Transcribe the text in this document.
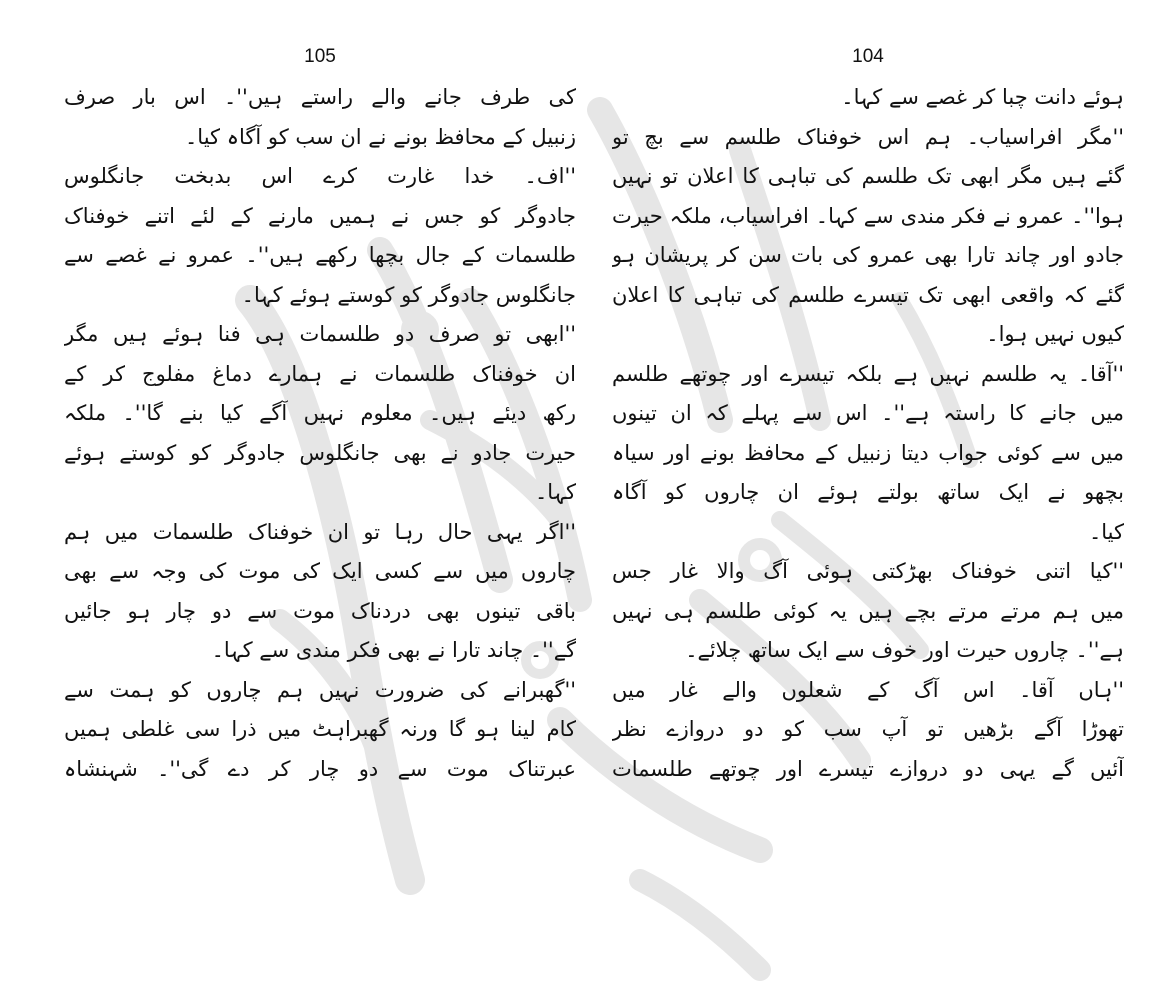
105
کی طرف جانے والے راستے ہیں''۔ اس بار صرف
زنبیل کے محافظ بونے نے ان سب کو آگاہ کیا۔
''اف۔ خدا غارت کرے اس بدبخت جانگلوس
جادوگر کو جس نے ہمیں مارنے کے لئے اتنے خوفناک
طلسمات کے جال بچھا رکھے ہیں''۔ عمرو نے غصے سے
جانگلوس جادوگر کو کوستے ہوئے کہا۔
''ابھی تو صرف دو طلسمات ہی فنا ہوئے ہیں مگر
ان خوفناک طلسمات نے ہمارے دماغ مفلوج کر کے
رکھ دیئے ہیں۔ معلوم نہیں آگے کیا بنے گا''۔ ملکہ
حیرت جادو نے بھی جانگلوس جادوگر کو کوستے ہوئے
کہا۔
''اگر یہی حال رہا تو ان خوفناک طلسمات میں ہم
چاروں میں سے کسی ایک کی موت کی وجہ سے بھی
باقی تینوں بھی دردناک موت سے دو چار ہو جائیں
گے''۔ چاند تارا نے بھی فکر مندی سے کہا۔
''گھبرانے کی ضرورت نہیں ہم چاروں کو ہمت سے
کام لینا ہو گا ورنہ گھبراہٹ میں ذرا سی غلطی ہمیں
عبرتناک موت سے دو چار کر دے گی''۔ شہنشاہ
104
ہوئے دانت چبا کر غصے سے کہا۔
''مگر افراسیاب۔ ہم اس خوفناک طلسم سے بچ تو
گئے ہیں مگر ابھی تک طلسم کی تباہی کا اعلان تو نہیں
ہوا''۔ عمرو نے فکر مندی سے کہا۔ افراسیاب، ملکہ حیرت
جادو اور چاند تارا بھی عمرو کی بات سن کر پریشان ہو
گئے کہ واقعی ابھی تک تیسرے طلسم کی تباہی کا اعلان
کیوں نہیں ہوا۔
''آقا۔ یہ طلسم نہیں ہے بلکہ تیسرے اور چوتھے طلسم
میں جانے کا راستہ ہے''۔ اس سے پہلے کہ ان تینوں
میں سے کوئی جواب دیتا زنبیل کے محافظ بونے اور سیاہ
بچھو نے ایک ساتھ بولتے ہوئے ان چاروں کو آگاہ
کیا۔
''کیا اتنی خوفناک بھڑکتی ہوئی آگ والا غار جس
میں ہم مرتے مرتے بچے ہیں یہ کوئی طلسم ہی نہیں
ہے''۔ چاروں حیرت اور خوف سے ایک ساتھ چلائے۔
''ہاں آقا۔ اس آگ کے شعلوں والے غار میں
تھوڑا آگے بڑھیں تو آپ سب کو دو دروازے نظر
آئیں گے یہی دو دروازے تیسرے اور چوتھے طلسمات
